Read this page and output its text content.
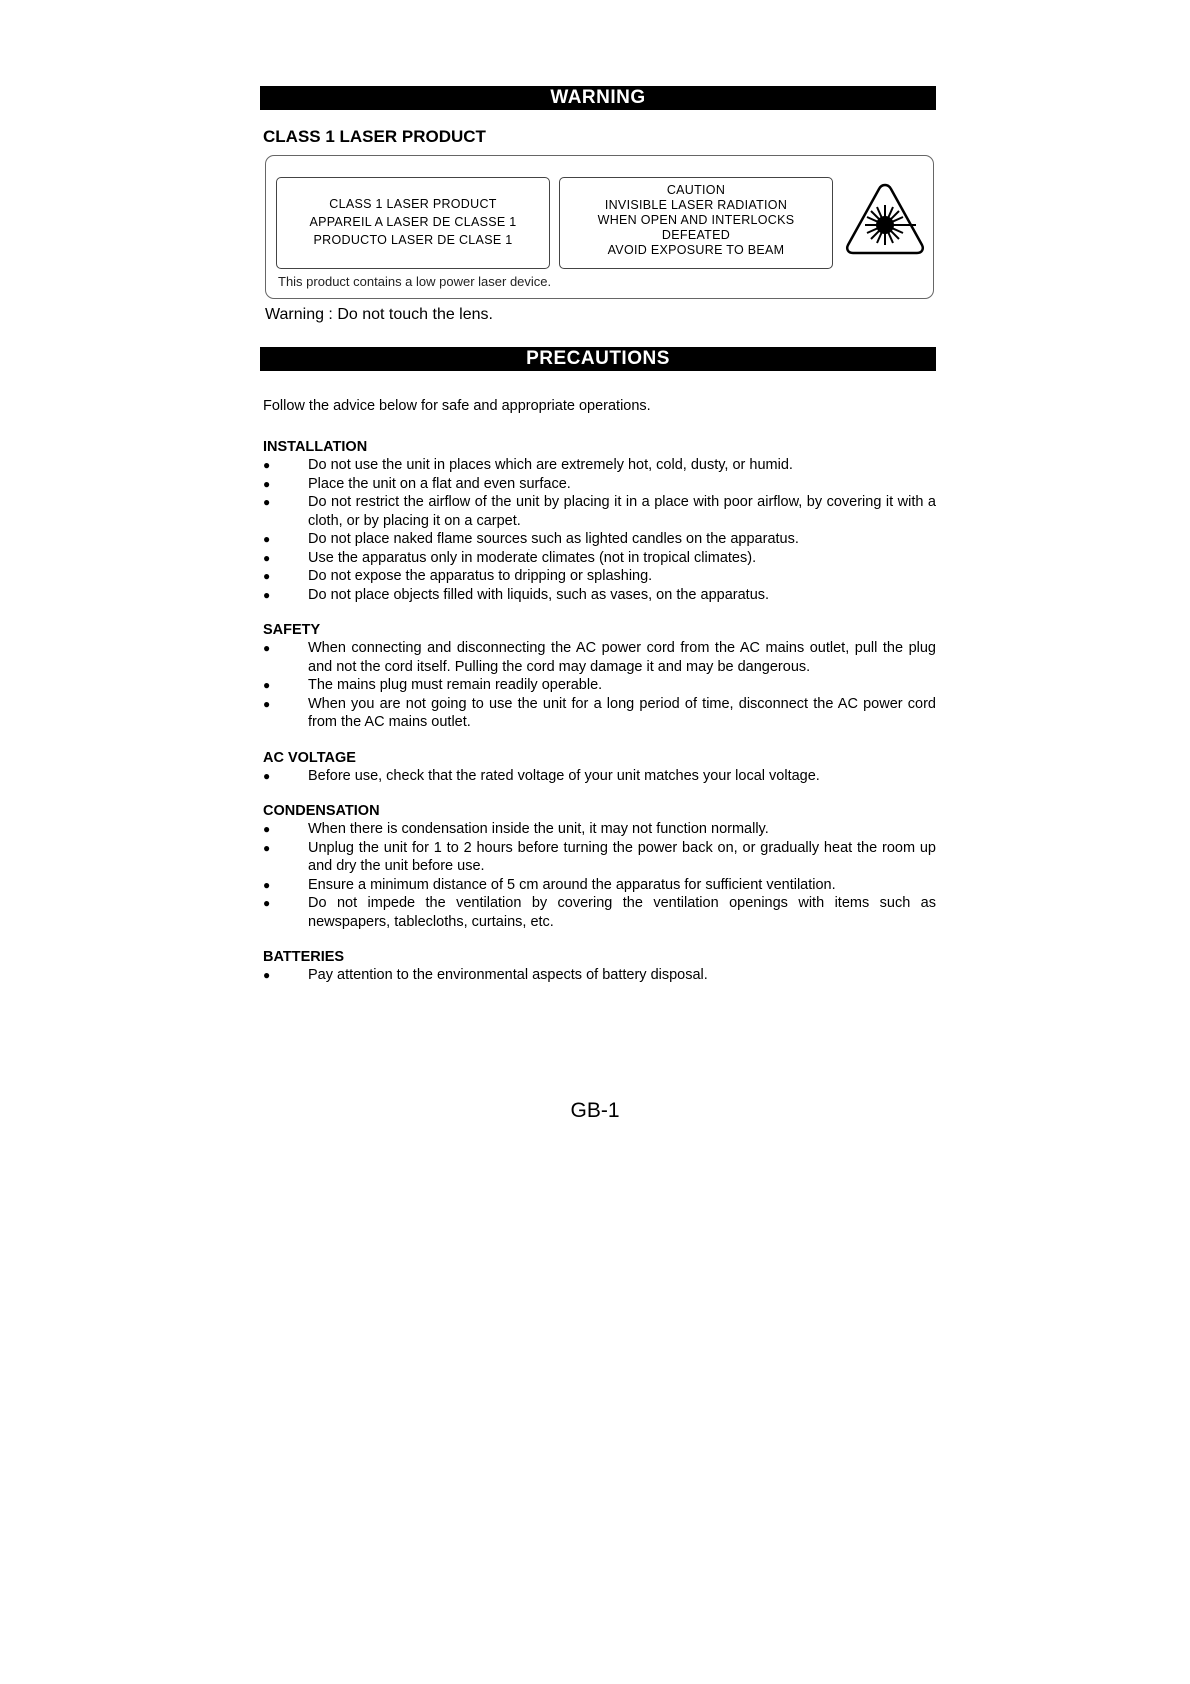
WARNING
CLASS 1 LASER PRODUCT
CLASS 1 LASER PRODUCT
APPAREIL A LASER DE CLASSE 1
PRODUCTO LASER DE CLASE 1
CAUTION
INVISIBLE LASER RADIATION
WHEN OPEN AND INTERLOCKS
DEFEATED
AVOID EXPOSURE TO BEAM
This product contains a low power laser device.
Warning : Do not touch the lens.
PRECAUTIONS
Follow the advice below for safe and appropriate operations.
INSTALLATION
●	Do not use the unit in places which are extremely hot, cold, dusty, or humid.
●	Place the unit on a flat and even surface.
●	Do not restrict the airflow of the unit by placing it in a place with poor airflow, by covering it with a cloth, or by placing it on a carpet.
●	Do not place naked flame sources such as lighted candles on the apparatus.
●	Use the apparatus only in moderate climates (not in tropical climates).
●	Do not expose the apparatus to dripping or splashing.
●	Do not place objects filled with liquids, such as vases, on the apparatus.
SAFETY
●	When connecting and disconnecting the AC power cord from the AC mains outlet, pull the plug and not the cord itself. Pulling the cord may damage it and may be dangerous.
●	The mains plug must remain readily operable.
●	When you are not going to use the unit for a long period of time, disconnect the AC power cord from the AC mains outlet.
AC VOLTAGE
●	Before use, check that the rated voltage of your unit matches your local voltage.
CONDENSATION
●	When there is condensation inside the unit, it may not function normally.
●	Unplug the unit for 1 to 2 hours before turning the power back on, or gradually heat the room up and dry the unit before use.
●	Ensure a minimum distance of 5 cm around the apparatus for sufficient ventilation.
●	Do not impede the ventilation by covering the ventilation openings with items such as newspapers, tablecloths, curtains, etc.
BATTERIES
●	Pay attention to the environmental aspects of battery disposal.
GB-1
